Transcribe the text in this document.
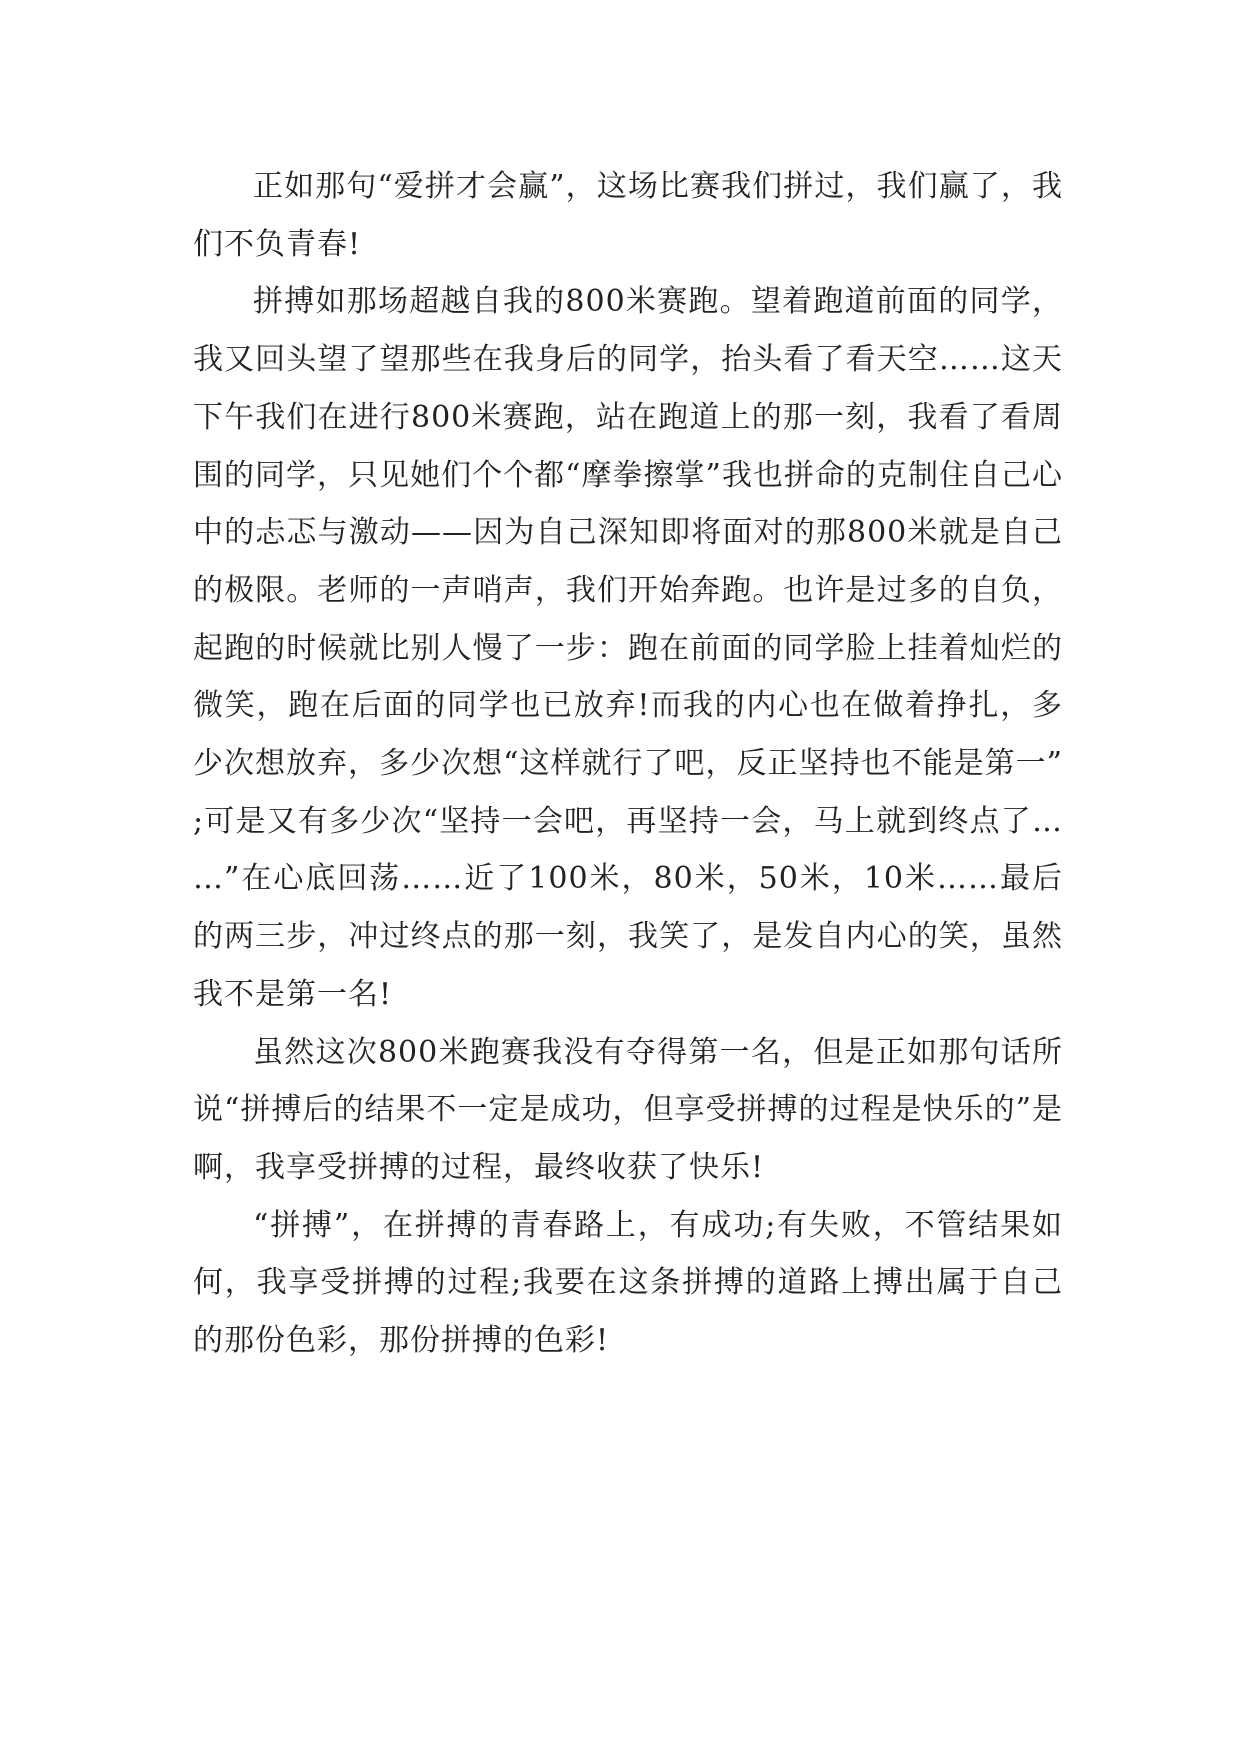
正如那句“爱拼才会赢”，这场比赛我们拼过，我们赢了，我们不负青春!

拼搏如那场超越自我的800米赛跑。望着跑道前面的同学，我又回头望了望那些在我身后的同学，抬头看了看天空……这天下午我们在进行800米赛跑，站在跑道上的那一刻，我看了看周围的同学，只见她们个个都“摩拳擦掌”我也拼命的克制住自己心中的忐忑与激动——因为自己深知即将面对的那800米就是自己的极限。老师的一声哨声，我们开始奔跑。也许是过多的自负，起跑的时候就比别人慢了一步：跑在前面的同学脸上挂着灿烂的微笑，跑在后面的同学也已放弃!而我的内心也在做着挣扎，多少次想放弃，多少次想“这样就行了吧，反正坚持也不能是第一”;可是又有多少次“坚持一会吧，再坚持一会，马上就到终点了……”在心底回荡……近了100米，80米，50米，10米……最后的两三步，冲过终点的那一刻，我笑了，是发自内心的笑，虽然我不是第一名!

虽然这次800米跑赛我没有夺得第一名，但是正如那句话所说“拼搏后的结果不一定是成功，但享受拼搏的过程是快乐的”是啊，我享受拼搏的过程，最终收获了快乐!

“拼搏”，在拼搏的青春路上，有成功;有失败，不管结果如何，我享受拼搏的过程;我要在这条拼搏的道路上搏出属于自己的那份色彩，那份拼搏的色彩!
